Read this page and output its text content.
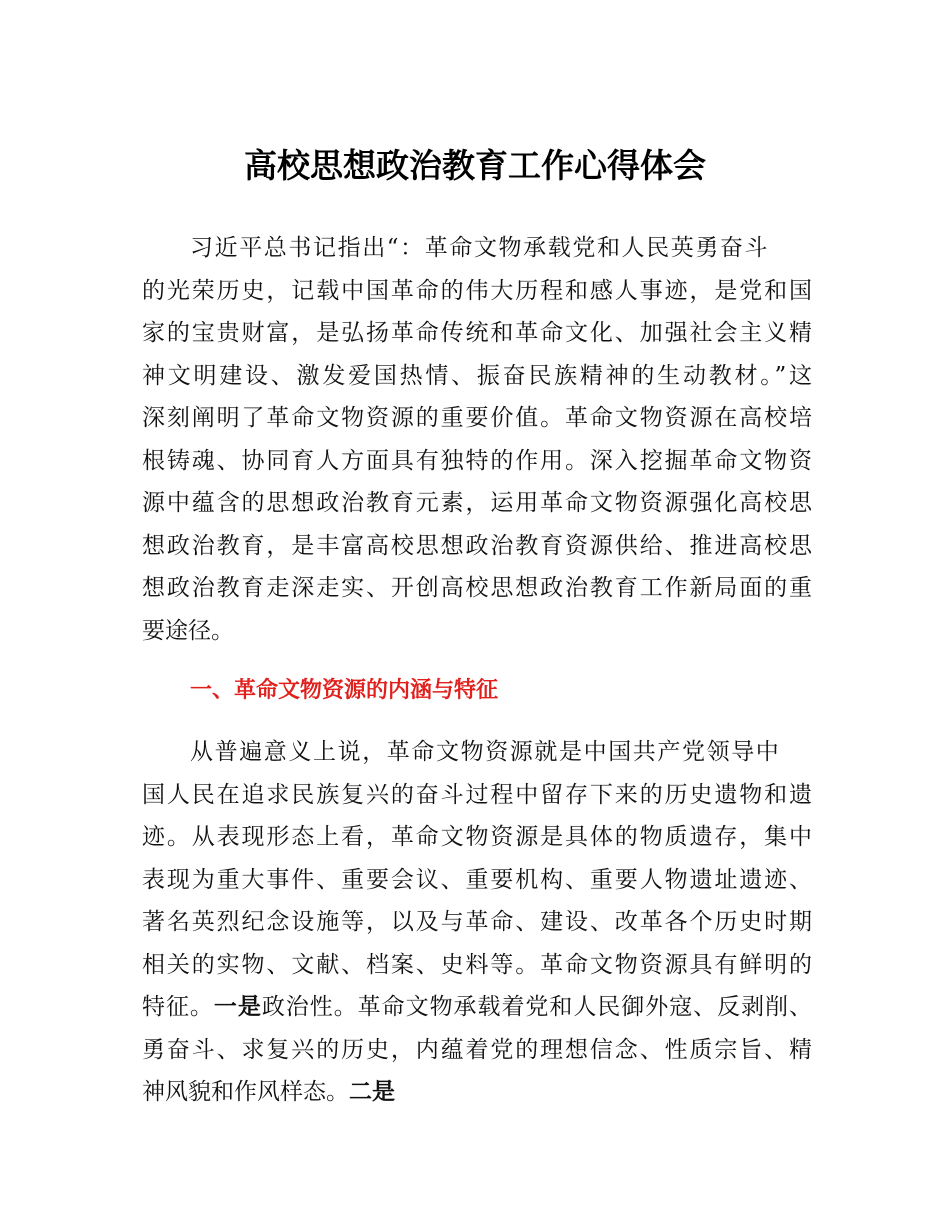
高校思想政治教育工作心得体会
习近平总书记指出“：革命文物承载党和人民英勇奋斗
的光荣历史，记载中国革命的伟大历程和感人事迹，是党和国
家的宝贵财富，是弘扬革命传统和革命文化、加强社会主义精
神文明建设、激发爱国热情、振奋民族精神的生动教材。”这
深刻阐明了革命文物资源的重要价值。革命文物资源在高校培
根铸魂、协同育人方面具有独特的作用。深入挖掘革命文物资
源中蕴含的思想政治教育元素，运用革命文物资源强化高校思
想政治教育，是丰富高校思想政治教育资源供给、推进高校思
想政治教育走深走实、开创高校思想政治教育工作新局面的重
要途径。
一、革命文物资源的内涵与特征
从普遍意义上说，革命文物资源就是中国共产党领导中
国人民在追求民族复兴的奋斗过程中留存下来的历史遗物和遗
迹。从表现形态上看，革命文物资源是具体的物质遗存，集中
表现为重大事件、重要会议、重要机构、重要人物遗址遗迹、
著名英烈纪念设施等，以及与革命、建设、改革各个历史时期
相关的实物、文献、档案、史料等。革命文物资源具有鲜明的
特征。一是政治性。革命文物承载着党和人民御外寇、反剥削、
勇奋斗、求复兴的历史，内蕴着党的理想信念、性质宗旨、精
神风貌和作风样态。二是
